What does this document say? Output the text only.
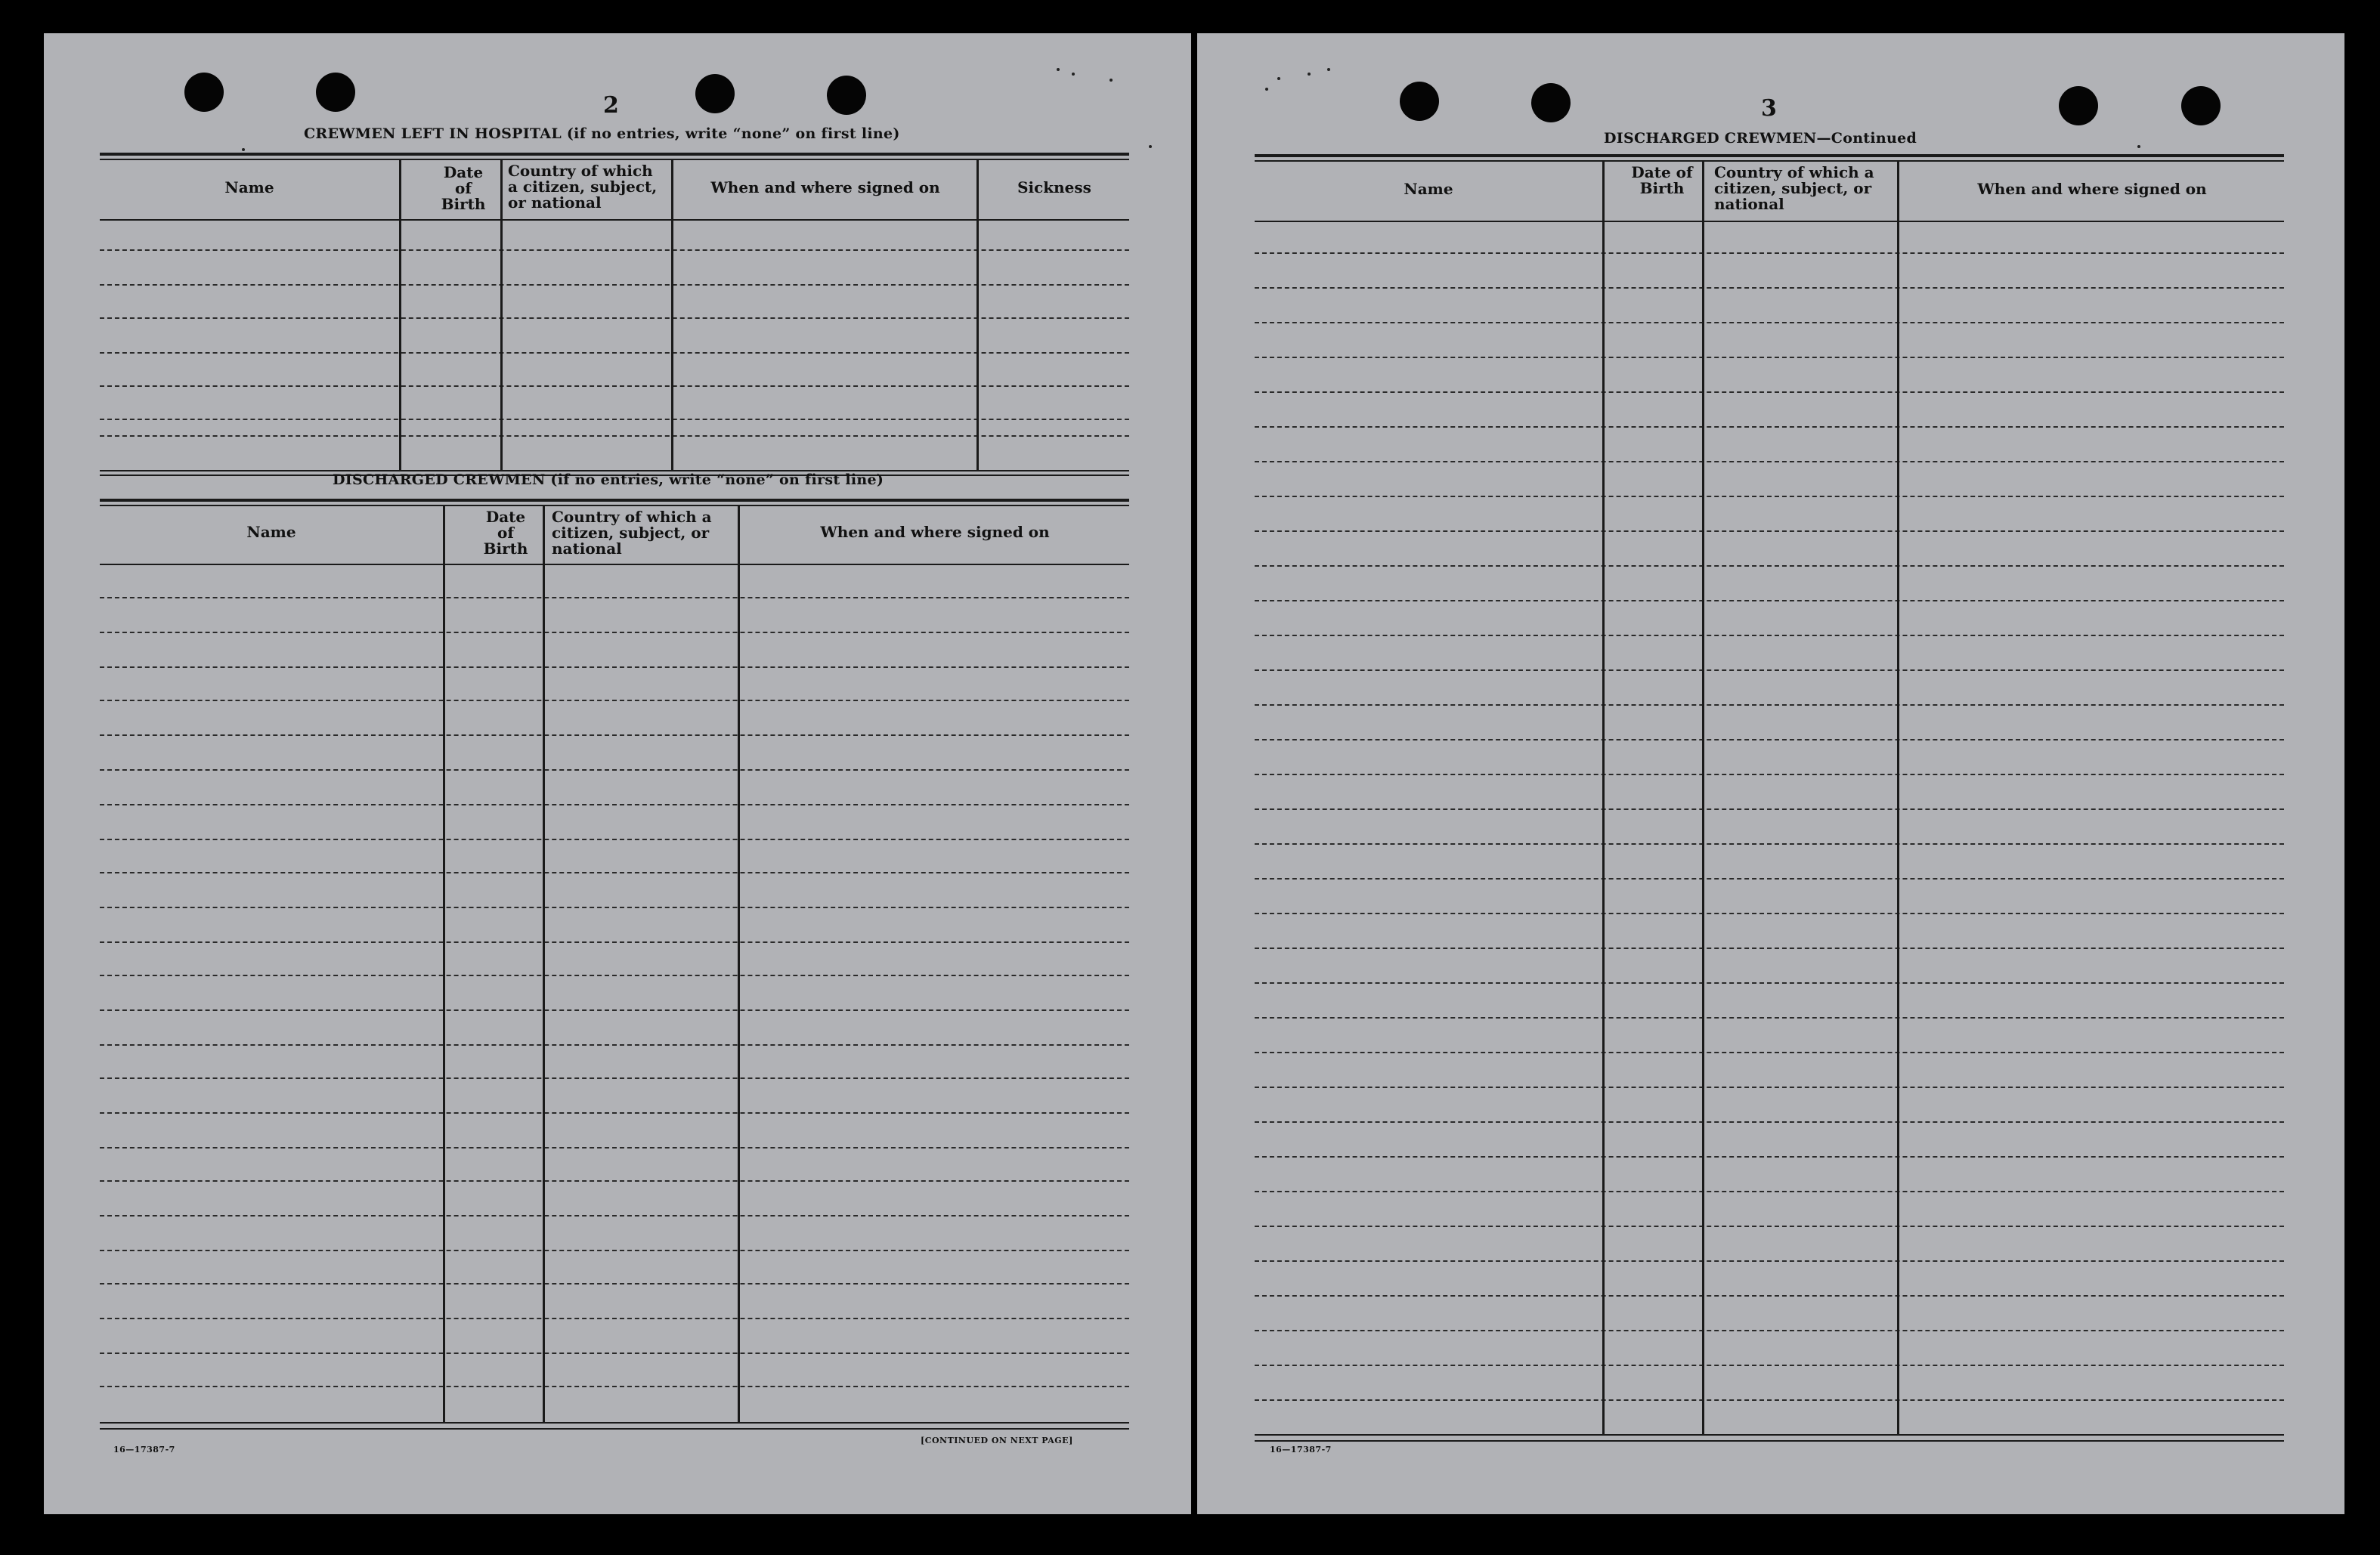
2
CREWMEN LEFT IN HOSPITAL (if no entries, write “none” on first line)
Name
Date of Birth
Country of which a citizen, subject, or national
When and where signed on	Sickness
DISCHARGED CREWMEN (if no entries, write “none” on first line)
Name
Date of Birth
Country of which a citizen, subject, or national
When and where signed on
16—17387-7
[CONTINUED ON NEXT PAGE]
3
DISCHARGED CREWMEN—Continued
Name
Date of Birth
Country of which a citizen, subject, or national
When and where signed on
16—17387-7
